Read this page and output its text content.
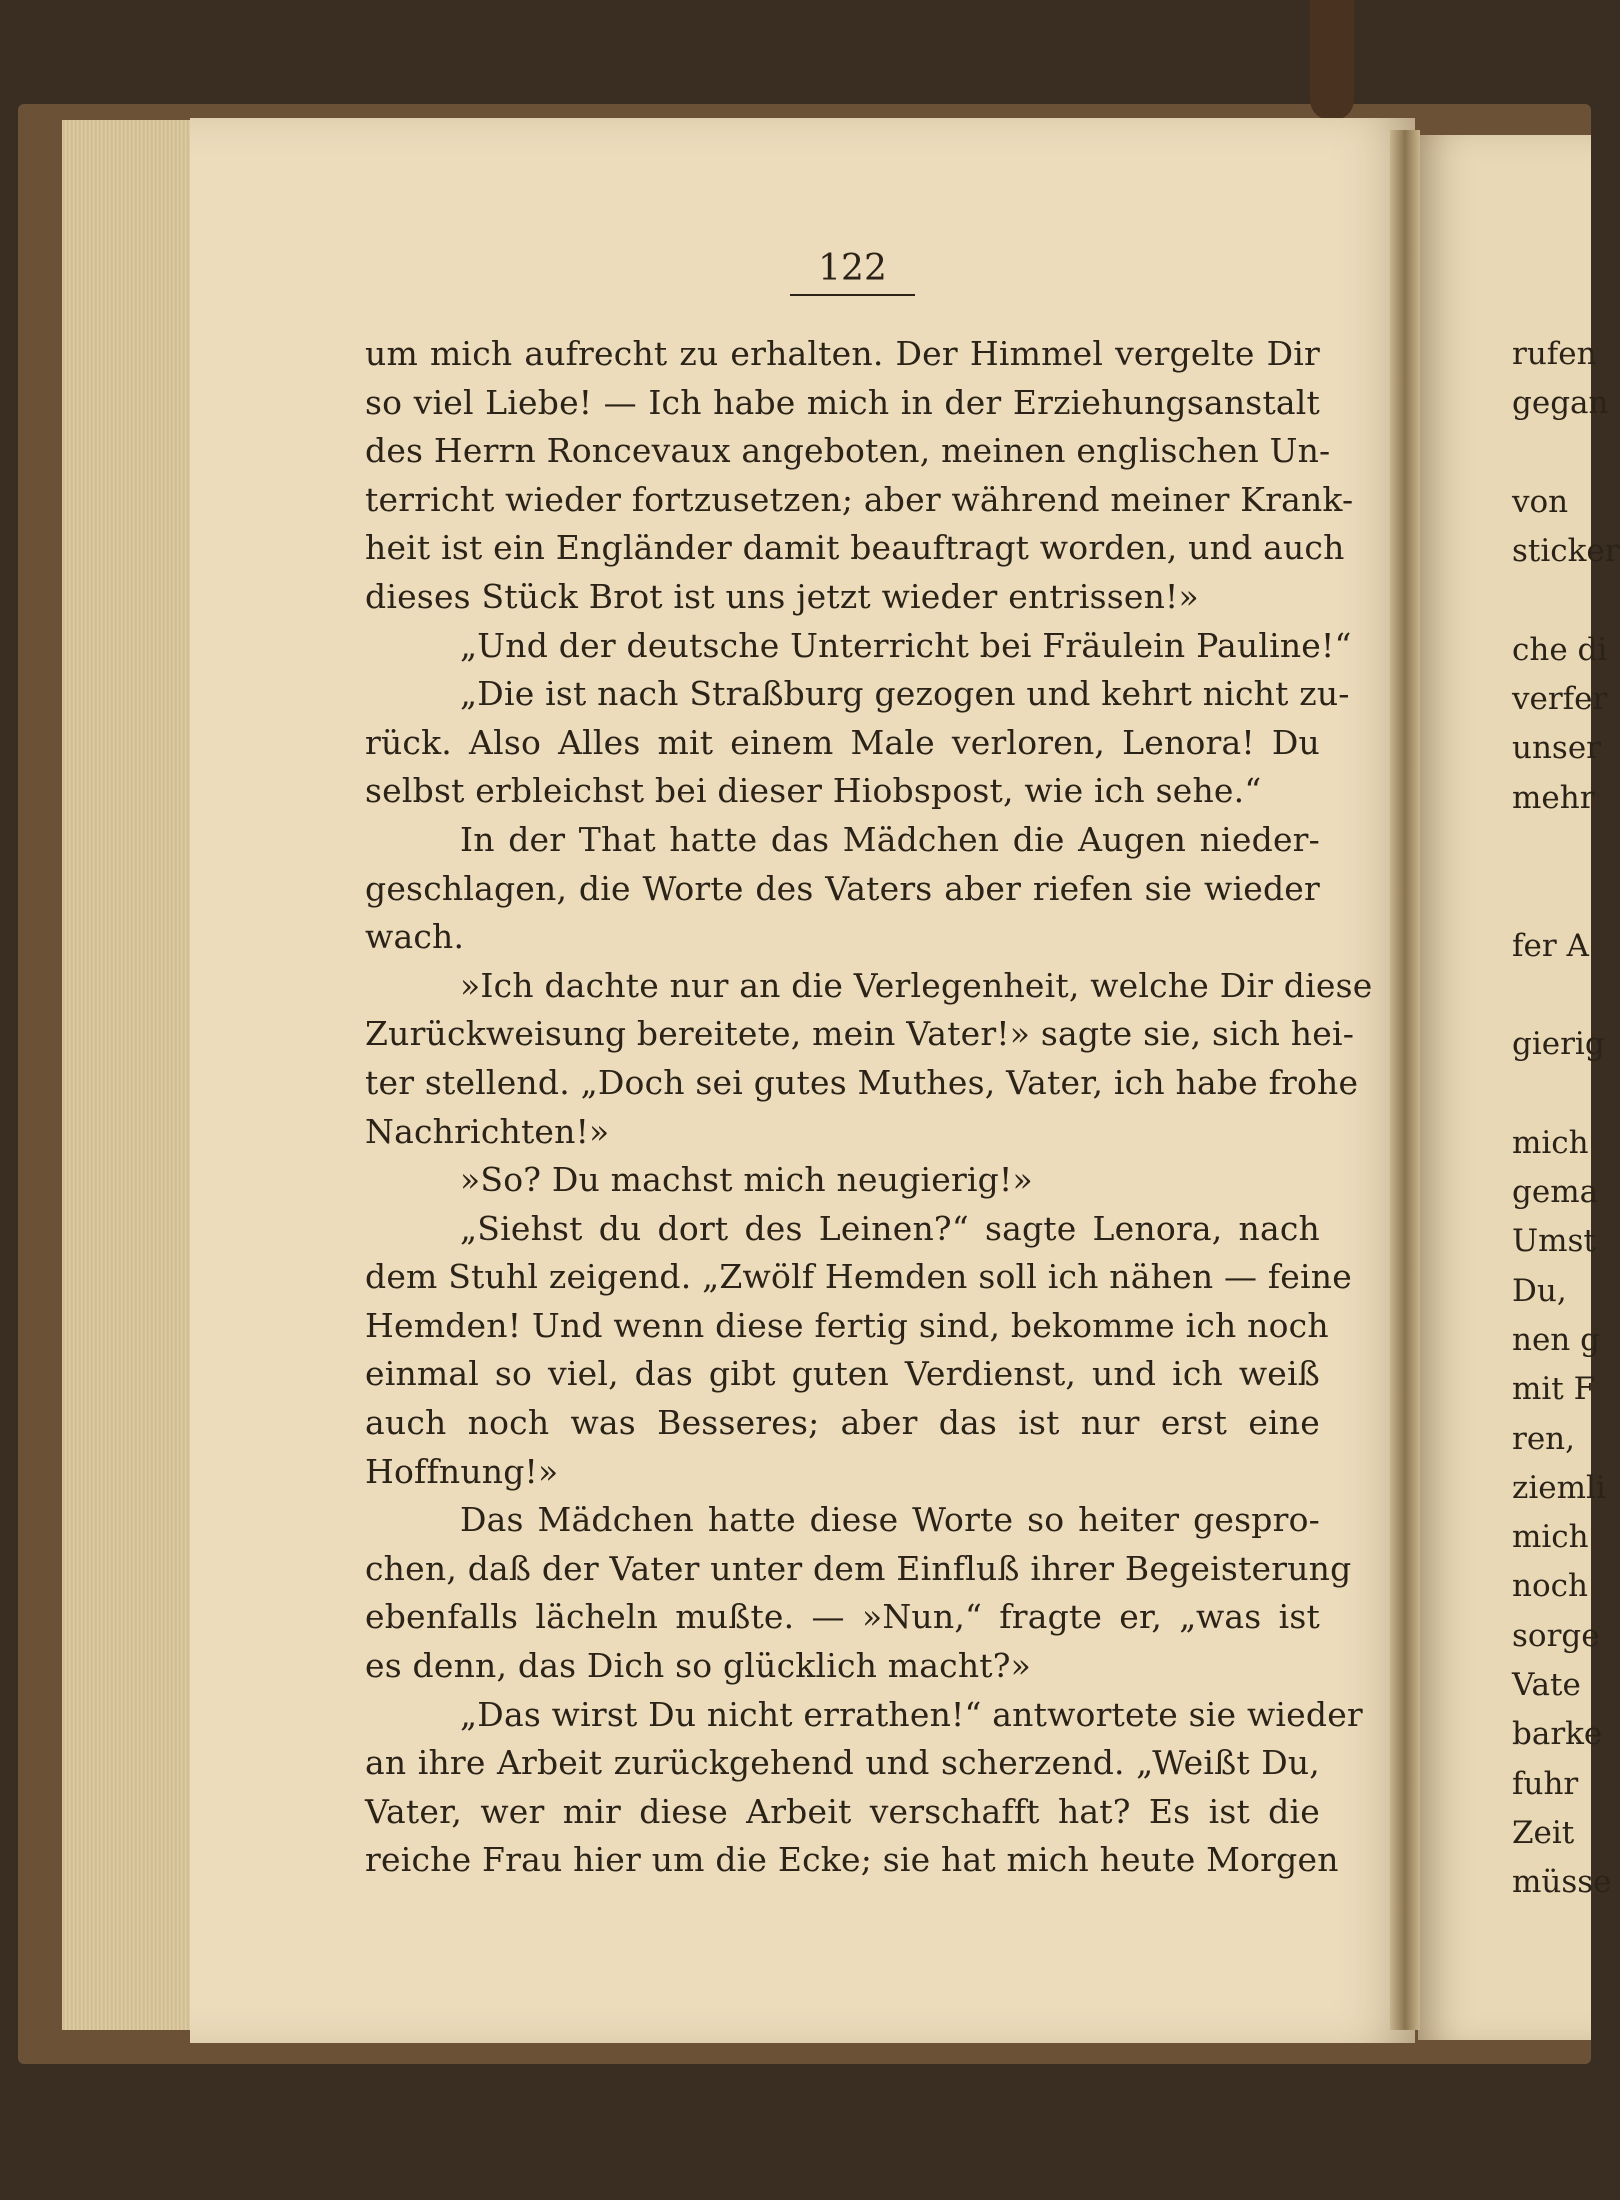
122
um mich aufrecht zu erhalten. Der Himmel vergelte Dir
so viel Liebe! — Ich habe mich in der Erziehungsanstalt
des Herrn Roncevaux angeboten, meinen englischen Un-
terricht wieder fortzusetzen; aber während meiner Krank-
heit ist ein Engländer damit beauftragt worden, und auch
dieses Stück Brot ist uns jetzt wieder entrissen!»
„Und der deutsche Unterricht bei Fräulein Pauline!“
„Die ist nach Straßburg gezogen und kehrt nicht zu-
rück. Also Alles mit einem Male verloren, Lenora! Du
selbst erbleichst bei dieser Hiobspost, wie ich sehe.“
In der That hatte das Mädchen die Augen nieder-
geschlagen, die Worte des Vaters aber riefen sie wieder
wach.
»Ich dachte nur an die Verlegenheit, welche Dir diese
Zurückweisung bereitete, mein Vater!» sagte sie, sich hei-
ter stellend. „Doch sei gutes Muthes, Vater, ich habe frohe
Nachrichten!»
»So? Du machst mich neugierig!»
„Siehst du dort des Leinen?“ sagte Lenora, nach
dem Stuhl zeigend. „Zwölf Hemden soll ich nähen — feine
Hemden! Und wenn diese fertig sind, bekomme ich noch
einmal so viel, das gibt guten Verdienst, und ich weiß
auch noch was Besseres; aber das ist nur erst eine
Hoffnung!»
Das Mädchen hatte diese Worte so heiter gespro-
chen, daß der Vater unter dem Einfluß ihrer Begeisterung
ebenfalls lächeln mußte. — »Nun,“ fragte er, „was ist
es denn, das Dich so glücklich macht?»
„Das wirst Du nicht errathen!“ antwortete sie wieder
an ihre Arbeit zurückgehend und scherzend. „Weißt Du,
Vater, wer mir diese Arbeit verschafft hat? Es ist die
reiche Frau hier um die Ecke; sie hat mich heute Morgen
rufen
gegan
von
sticker
che di
verfer
unser
mehr
fer A
gierig
mich
gema
Umst
Du,
nen g
mit F
ren,
ziemli
mich
noch
sorge
Vate
barke
fuhr
Zeit
müsse
